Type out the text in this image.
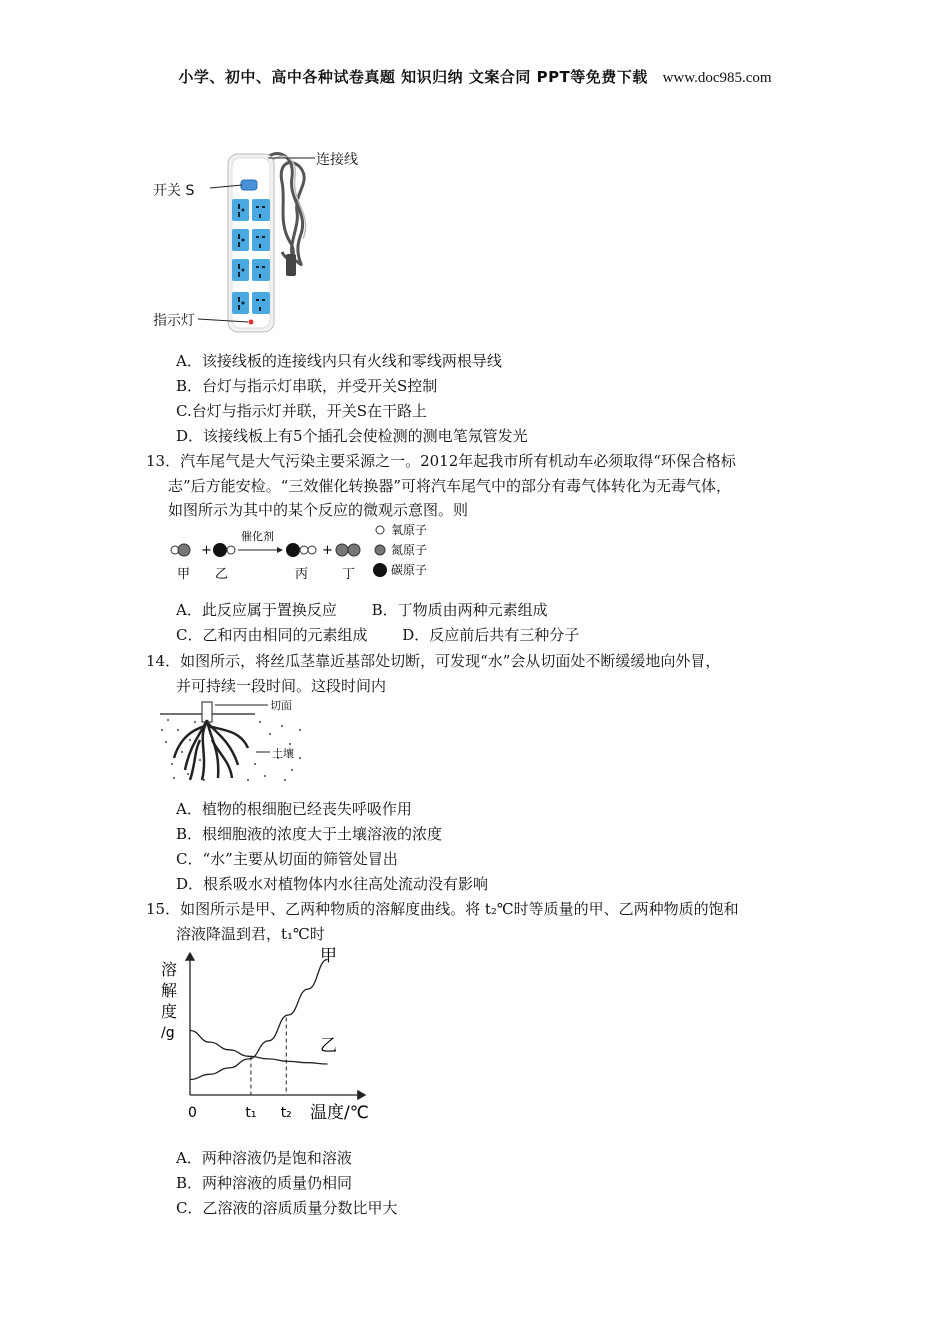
小学、初中、高中各种试卷真题 知识归纳 文案合同 PPT等免费下载 www.doc985.com
连接线
开关 S
指示灯
A．该接线板的连接线内只有火线和零线两根导线
B．台灯与指示灯串联，并受开关S控制
C.台灯与指示灯并联，开关S在干路上
D．该接线板上有5个插孔会使检测的测电笔氖管发光
13．汽车尾气是大气污染主要采源之一。2012年起我市所有机动车必须取得“环保合格标
志”后方能安检。“三效催化转换器”可将汽车尾气中的部分有毒气体转化为无毒气体，
如图所示为其中的某个反应的微观示意图。则
+
催化剂
+
甲 乙	丙	丁
氧原子
氮原子
碳原子
A．此反应属于置换反应　　 B．丁物质由两种元素组成
C．乙和丙由相同的元素组成　　 D．反应前后共有三种分子
14．如图所示，将丝瓜茎靠近基部处切断，可发现“水”会从切面处不断缓缓地向外冒，
并可持续一段时间。这段时间内
切面
土壤
A．植物的根细胞已经丧失呼吸作用
B．根细胞液的浓度大于土壤溶液的浓度
C．“水”主要从切面的筛管处冒出
D．根系吸水对植物体内水往高处流动没有影响
15．如图所示是甲、乙两种物质的溶解度曲线。将 t₂℃时等质量的甲、乙两种物质的饱和
溶液降温到君，t₁℃时
溶
解
度
/g
0	t₁ t₂ 温度/℃
甲
乙
A．两种溶液仍是饱和溶液
B．两种溶液的质量仍相同
C．乙溶液的溶质质量分数比甲大
